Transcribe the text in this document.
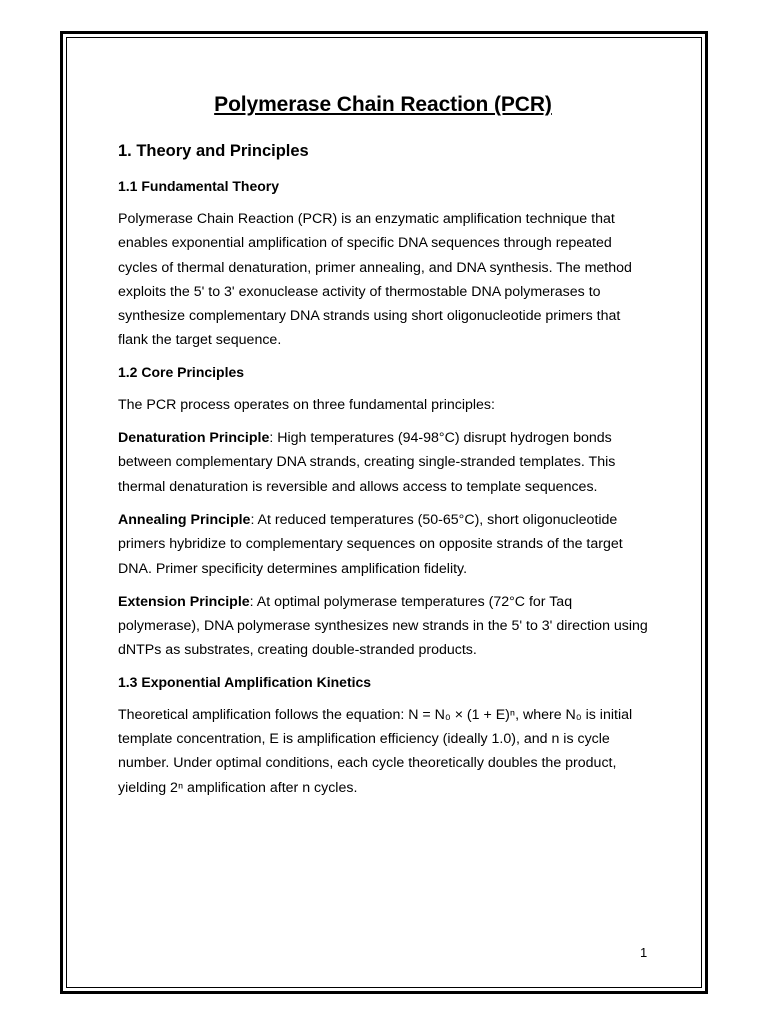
Polymerase Chain Reaction (PCR)
1. Theory and Principles
1.1 Fundamental Theory

Polymerase Chain Reaction (PCR) is an enzymatic amplification technique that enables exponential amplification of specific DNA sequences through repeated cycles of thermal denaturation, primer annealing, and DNA synthesis. The method exploits the 5' to 3' exonuclease activity of thermostable DNA polymerases to synthesize complementary DNA strands using short oligonucleotide primers that flank the target sequence.

1.2 Core Principles

The PCR process operates on three fundamental principles:

Denaturation Principle: High temperatures (94-98°C) disrupt hydrogen bonds between complementary DNA strands, creating single-stranded templates. This thermal denaturation is reversible and allows access to template sequences.

Annealing Principle: At reduced temperatures (50-65°C), short oligonucleotide primers hybridize to complementary sequences on opposite strands of the target DNA. Primer specificity determines amplification fidelity.

Extension Principle: At optimal polymerase temperatures (72°C for Taq polymerase), DNA polymerase synthesizes new strands in the 5' to 3' direction using dNTPs as substrates, creating double-stranded products.

1.3 Exponential Amplification Kinetics

Theoretical amplification follows the equation: N = N₀ × (1 + E)ⁿ, where N₀ is initial template concentration, E is amplification efficiency (ideally 1.0), and n is cycle number. Under optimal conditions, each cycle theoretically doubles the product, yielding 2ⁿ amplification after n cycles.

1
